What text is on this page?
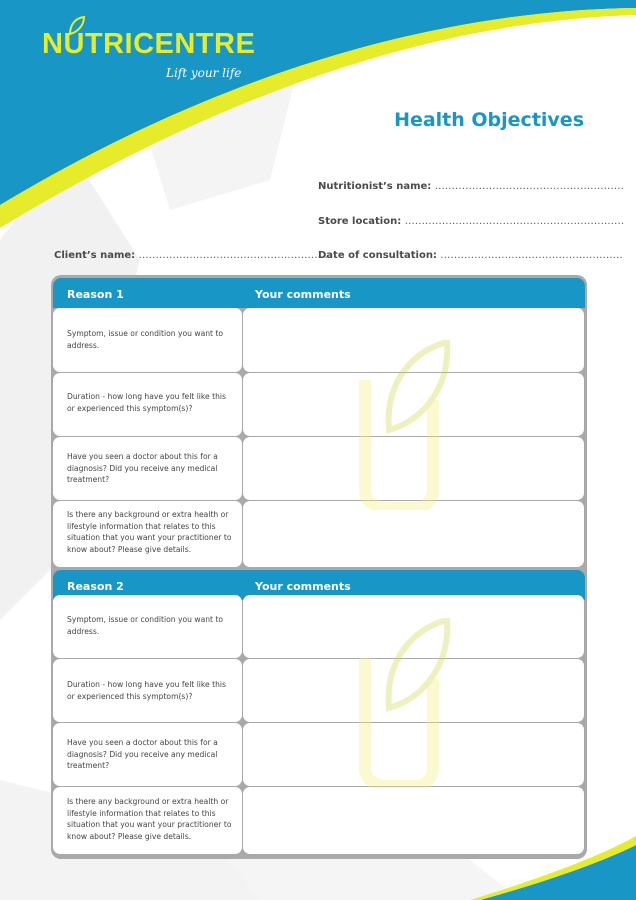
NUTRICENTRE
Lift your life
Health Objectives
Nutritionist’s name: ........................................................
Store location: .................................................................
Client’s name: .........................................................
Date of consultation: ......................................................
Reason 1	Your comments
Symptom, issue or condition you want to address.
Duration - how long have you felt like this or experienced this symptom(s)?
Have you seen a doctor about this for a diagnosis? Did you receive any medical treatment?
Is there any background or extra health or lifestyle information that relates to this situation that you want your practitioner to know about? Please give details.
Reason 2	Your comments
Symptom, issue or condition you want to address.
Duration - how long have you felt like this or experienced this symptom(s)?
Have you seen a doctor about this for a diagnosis? Did you receive any medical treatment?
Is there any background or extra health or lifestyle information that relates to this situation that you want your practitioner to know about? Please give details.
